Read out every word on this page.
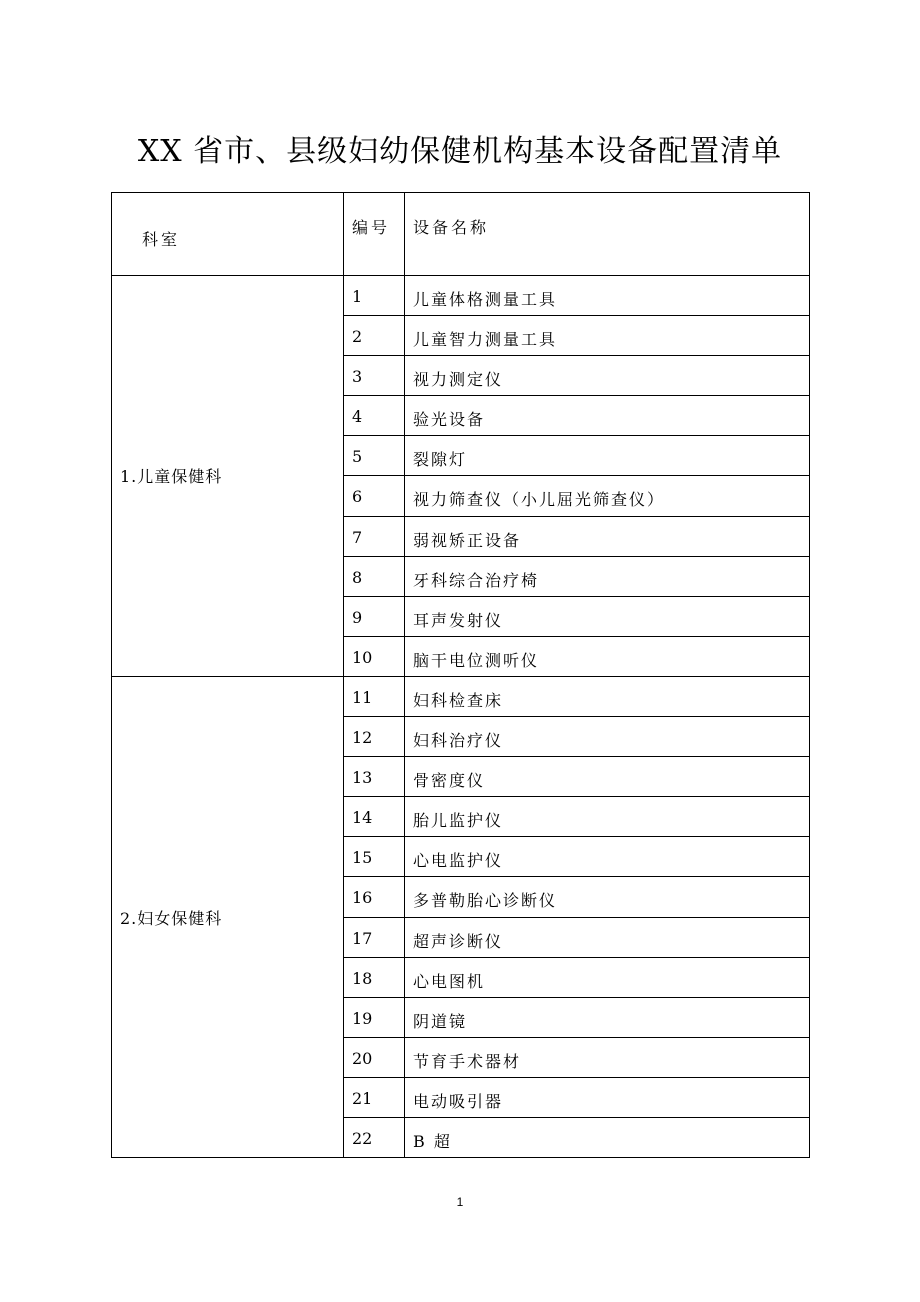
XX 省市、县级妇幼保健机构基本设备配置清单
科室	编号	设备名称

1.儿童保健科	1	儿童体格测量工具

	2	儿童智力测量工具

	3	视力测定仪

	4	验光设备

	5	裂隙灯

	6	视力筛查仪（小儿屈光筛查仪）

	7	弱视矫正设备

	8	牙科综合治疗椅

	9	耳声发射仪

	10	脑干电位测听仪

2.妇女保健科	11	妇科检查床

	12	妇科治疗仪

	13	骨密度仪

	14	胎儿监护仪

	15	心电监护仪

	16	多普勒胎心诊断仪

	17	超声诊断仪

	18	心电图机

	19	阴道镜

	20	节育手术器材

	21	电动吸引器

	22	B 超
1
